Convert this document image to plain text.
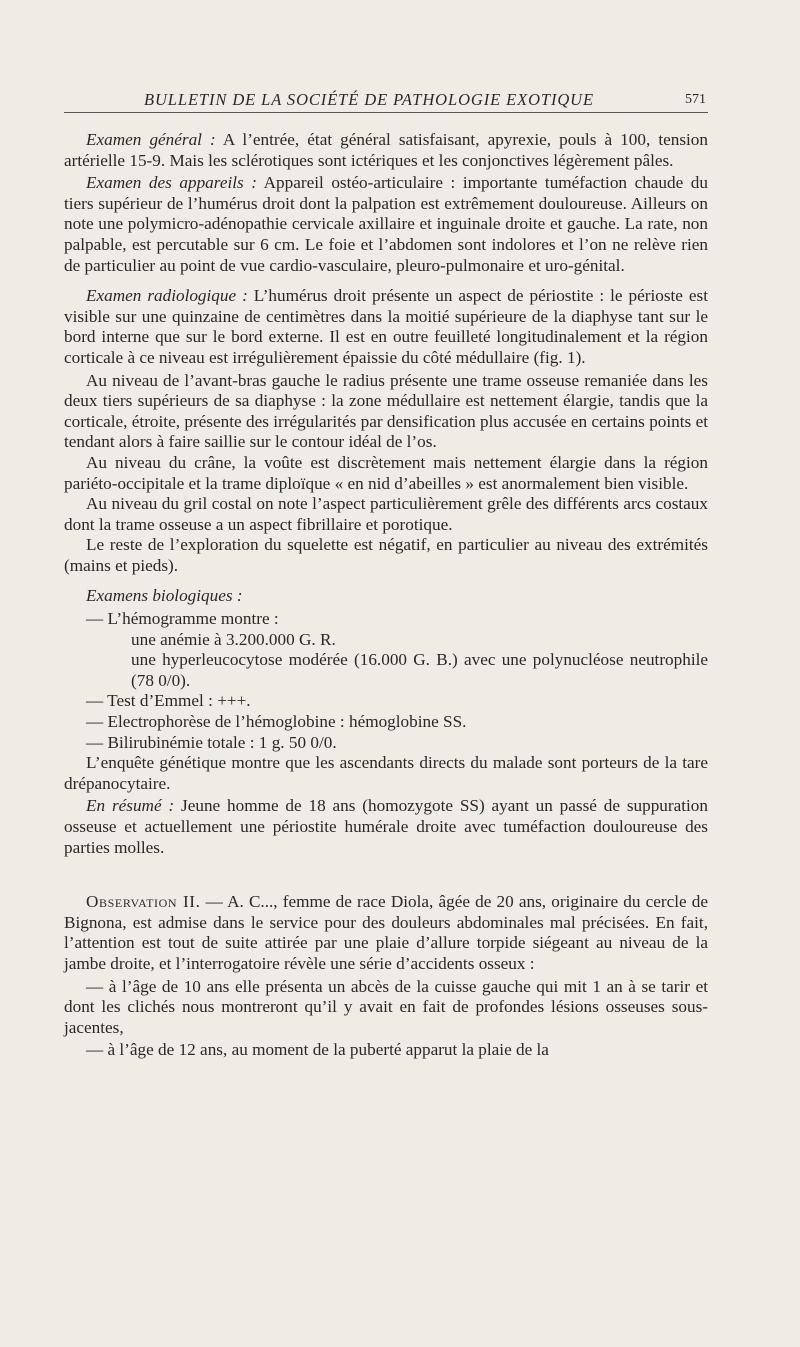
BULLETIN DE LA SOCIÉTÉ DE PATHOLOGIE EXOTIQUE	571

Examen général : A l’entrée, état général satisfaisant, apyrexie, pouls à 100, tension artérielle 15-9. Mais les sclérotiques sont ictériques et les conjonctives légèrement pâles.

Examen des appareils : Appareil ostéo-articulaire : importante tuméfaction chaude du tiers supérieur de l’humérus droit dont la palpation est extrêmement douloureuse. Ailleurs on note une polymicro-adénopathie cervicale axillaire et inguinale droite et gauche. La rate, non palpable, est percutable sur 6 cm. Le foie et l’abdomen sont indolores et l’on ne relève rien de particulier au point de vue cardio-vasculaire, pleuro-pulmonaire et uro-génital.

Examen radiologique : L’humérus droit présente un aspect de périostite : le périoste est visible sur une quinzaine de centimètres dans la moitié supérieure de la diaphyse tant sur le bord interne que sur le bord externe. Il est en outre feuilleté longitudinalement et la région corticale à ce niveau est irrégulièrement épaissie du côté médullaire (fig. 1).

Au niveau de l’avant-bras gauche le radius présente une trame osseuse remaniée dans les deux tiers supérieurs de sa diaphyse : la zone médullaire est nettement élargie, tandis que la corticale, étroite, présente des irrégularités par densification plus accusée en certains points et tendant alors à faire saillie sur le contour idéal de l’os.

Au niveau du crâne, la voûte est discrètement mais nettement élargie dans la région pariéto-occipitale et la trame diploïque « en nid d’abeilles » est anormalement bien visible.

Au niveau du gril costal on note l’aspect particulièrement grêle des différents arcs costaux dont la trame osseuse a un aspect fibrillaire et porotique.

Le reste de l’exploration du squelette est négatif, en particulier au niveau des extrémités (mains et pieds).

Examens biologiques :

— L’hémogramme montre :

une anémie à 3.200.000 G. R.

une hyperleucocytose modérée (16.000 G. B.) avec une polynucléose neutrophile (78 0/0).

— Test d’Emmel : +++.

— Electrophorèse de l’hémoglobine : hémoglobine SS.

— Bilirubinémie totale : 1 g. 50 0/0.

L’enquête génétique montre que les ascendants directs du malade sont porteurs de la tare drépanocytaire.

En résumé : Jeune homme de 18 ans (homozygote SS) ayant un passé de suppuration osseuse et actuellement une périostite humérale droite avec tuméfaction douloureuse des parties molles.

Observation II. — A. C..., femme de race Diola, âgée de 20 ans, originaire du cercle de Bignona, est admise dans le service pour des douleurs abdominales mal précisées. En fait, l’attention est tout de suite attirée par une plaie d’allure torpide siégeant au niveau de la jambe droite, et l’interrogatoire révèle une série d’accidents osseux :

— à l’âge de 10 ans elle présenta un abcès de la cuisse gauche qui mit 1 an à se tarir et dont les clichés nous montreront qu’il y avait en fait de profondes lésions osseuses sous-jacentes,

— à l’âge de 12 ans, au moment de la puberté apparut la plaie de la
